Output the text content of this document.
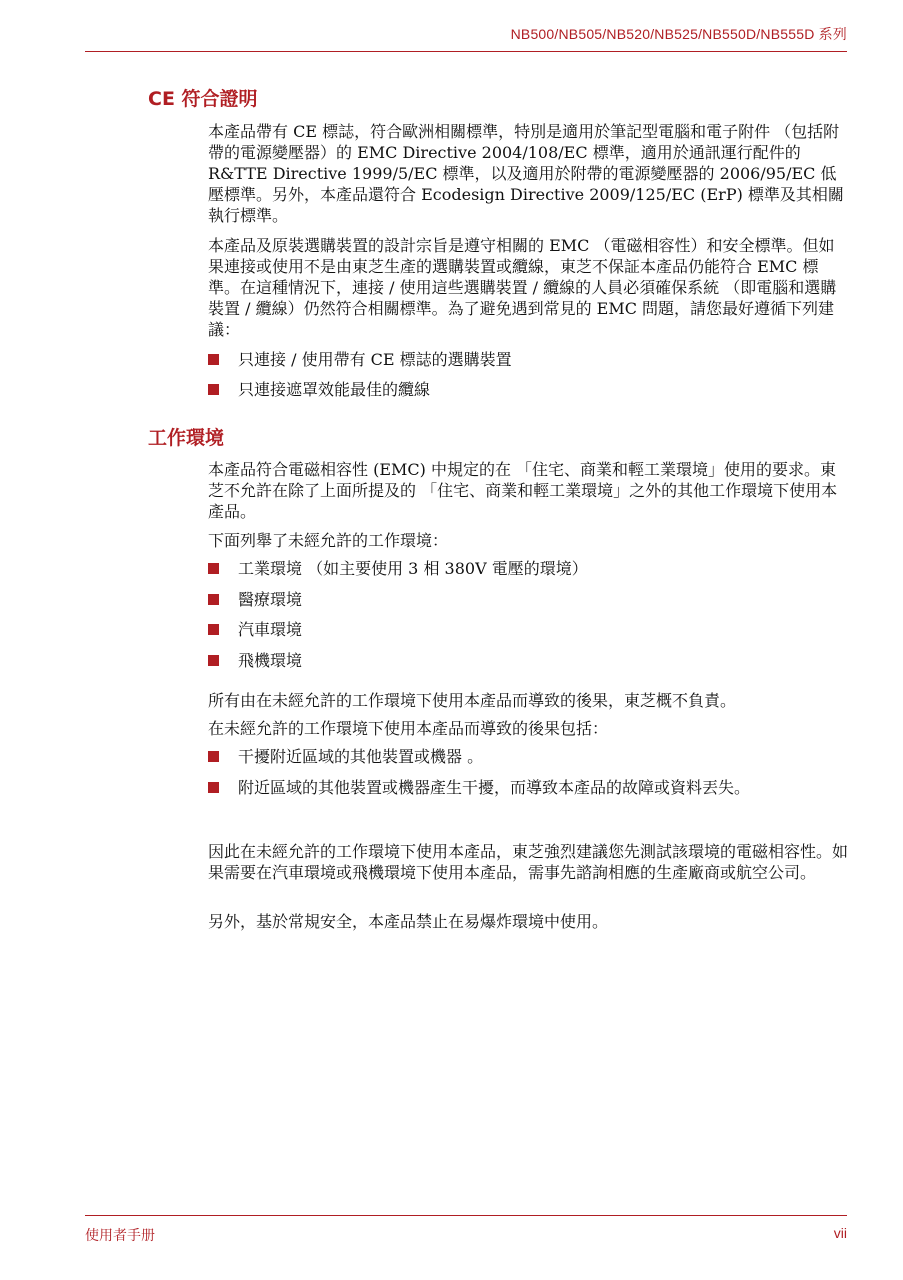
NB500/NB505/NB520/NB525/NB550D/NB555D 系列
CE 符合證明

本產品帶有 CE 標誌，符合歐洲相關標準，特別是適用於筆記型電腦和電子附件 （包括附帶的電源變壓器）的 EMC Directive 2004/108/EC 標準，適用於通訊運行配件的 R&TTE Directive 1999/5/EC 標準，以及適用於附帶的電源變壓器的 2006/95/EC 低壓標準。另外，本產品還符合 Ecodesign Directive 2009/125/EC (ErP) 標準及其相關執行標準。

本產品及原裝選購裝置的設計宗旨是遵守相關的 EMC （電磁相容性）和安全標準。但如果連接或使用不是由東芝生產的選購裝置或纜線，東芝不保証本產品仍能符合 EMC 標準。在這種情況下，連接 / 使用這些選購裝置 / 纜線的人員必須確保系統 （即電腦和選購裝置 / 纜線）仍然符合相關標準。為了避免遇到常見的 EMC 問題，請您最好遵循下列建議：

只連接 / 使用帶有 CE 標誌的選購裝置
只連接遮罩效能最佳的纜線
工作環境

本產品符合電磁相容性 (EMC) 中規定的在 「住宅、商業和輕工業環境」使用的要求。東芝不允許在除了上面所提及的 「住宅、商業和輕工業環境」之外的其他工作環境下使用本產品。

下面列舉了未經允許的工作環境：

工業環境 （如主要使用 3 相 380V 電壓的環境）
醫療環境
汽車環境
飛機環境

所有由在未經允許的工作環境下使用本產品而導致的後果，東芝概不負責。

在未經允許的工作環境下使用本產品而導致的後果包括：

干擾附近區域的其他裝置或機器 。
附近區域的其他裝置或機器產生干擾，而導致本產品的故障或資料丟失。

因此在未經允許的工作環境下使用本產品，東芝強烈建議您先測試該環境的電磁相容性。如果需要在汽車環境或飛機環境下使用本產品，需事先諮詢相應的生產廠商或航空公司。

另外，基於常規安全，本產品禁止在易爆炸環境中使用。

使用者手册	vii
